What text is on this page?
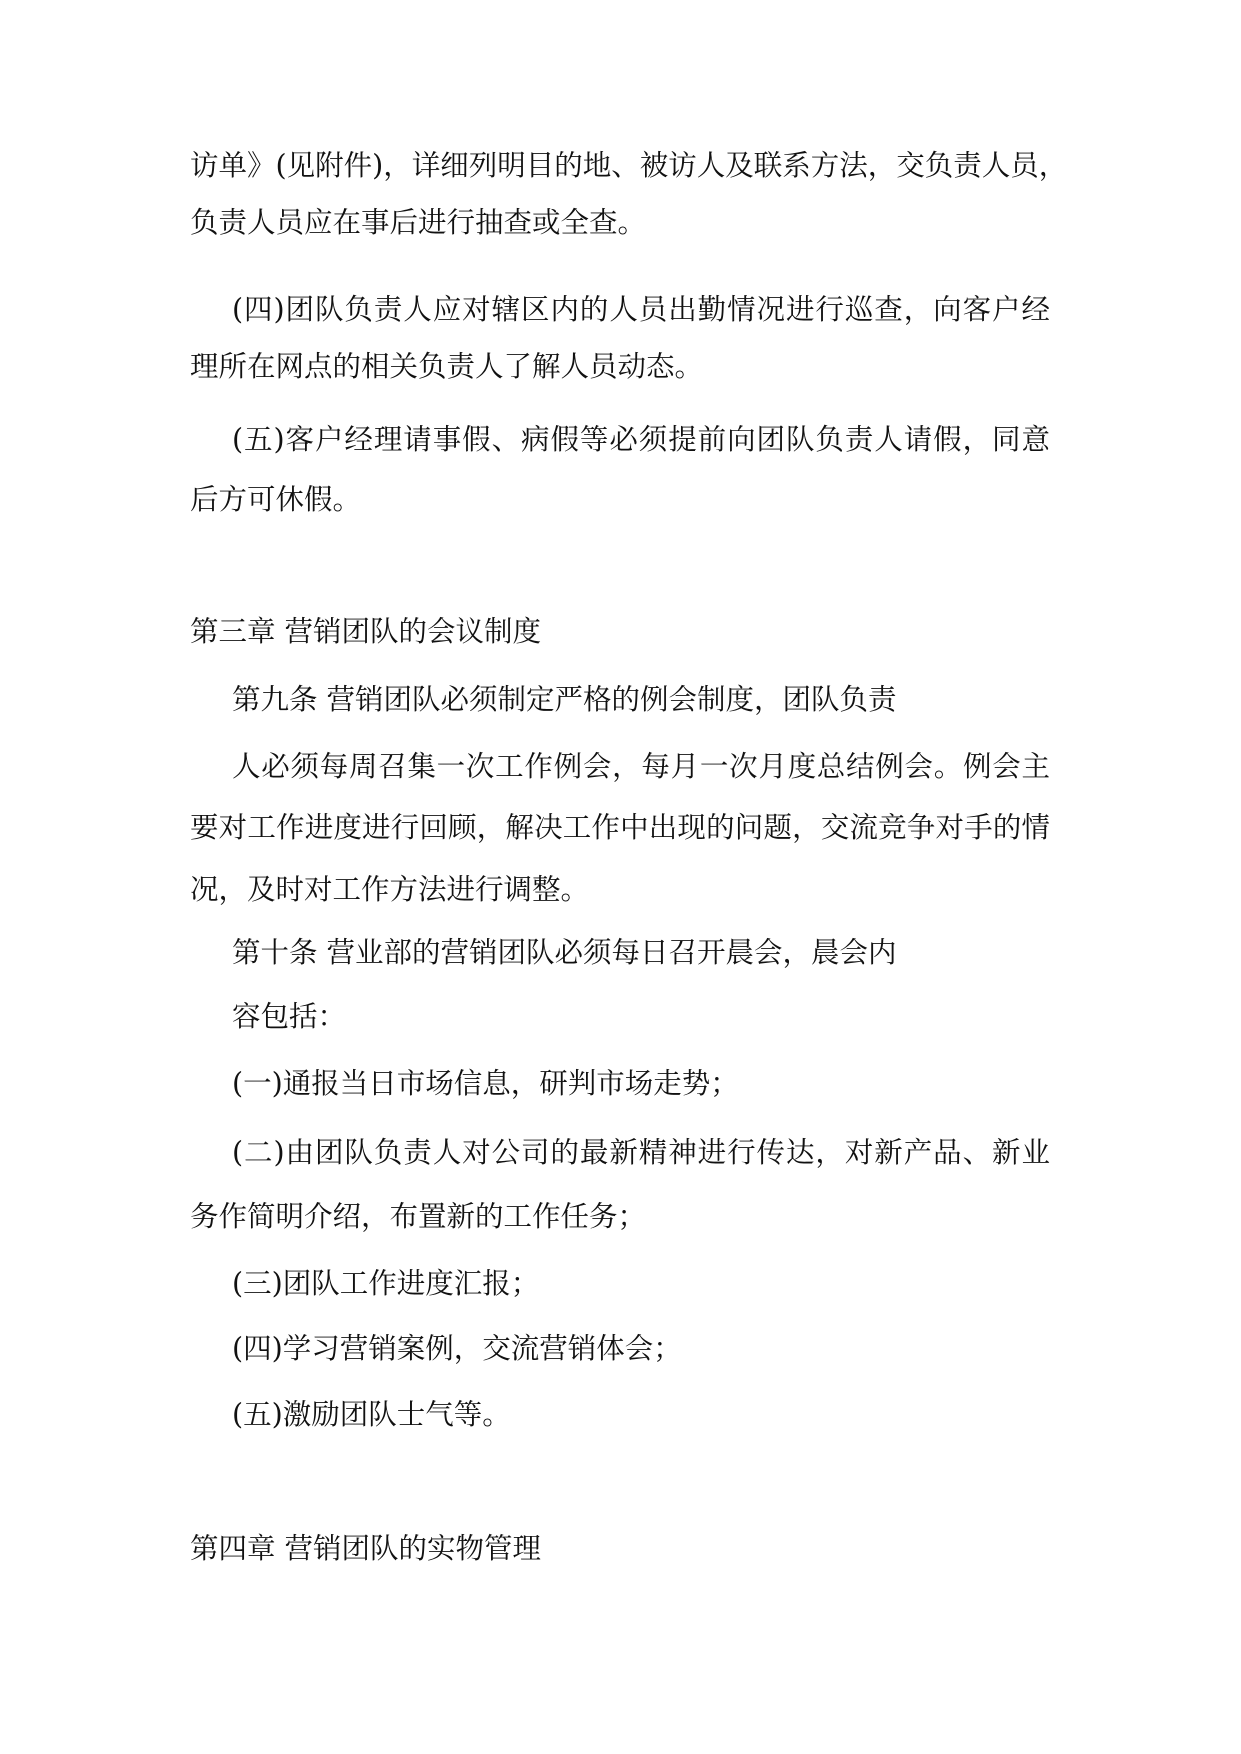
访单》(见附件)，详细列明目的地、被访人及联系方法，交负责人员，
负责人员应在事后进行抽查或全查。
(四)团队负责人应对辖区内的人员出勤情况进行巡查，向客户经
理所在网点的相关负责人了解人员动态。
(五)客户经理请事假、病假等必须提前向团队负责人请假，同意
后方可休假。
第三章 营销团队的会议制度
第九条 营销团队必须制定严格的例会制度，团队负责
人必须每周召集一次工作例会，每月一次月度总结例会。例会主
要对工作进度进行回顾，解决工作中出现的问题，交流竞争对手的情
况，及时对工作方法进行调整。
第十条 营业部的营销团队必须每日召开晨会，晨会内
容包括：
(一)通报当日市场信息，研判市场走势；
(二)由团队负责人对公司的最新精神进行传达，对新产品、新业
务作简明介绍，布置新的工作任务；
(三)团队工作进度汇报；
(四)学习营销案例，交流营销体会；
(五)激励团队士气等。
第四章 营销团队的实物管理
